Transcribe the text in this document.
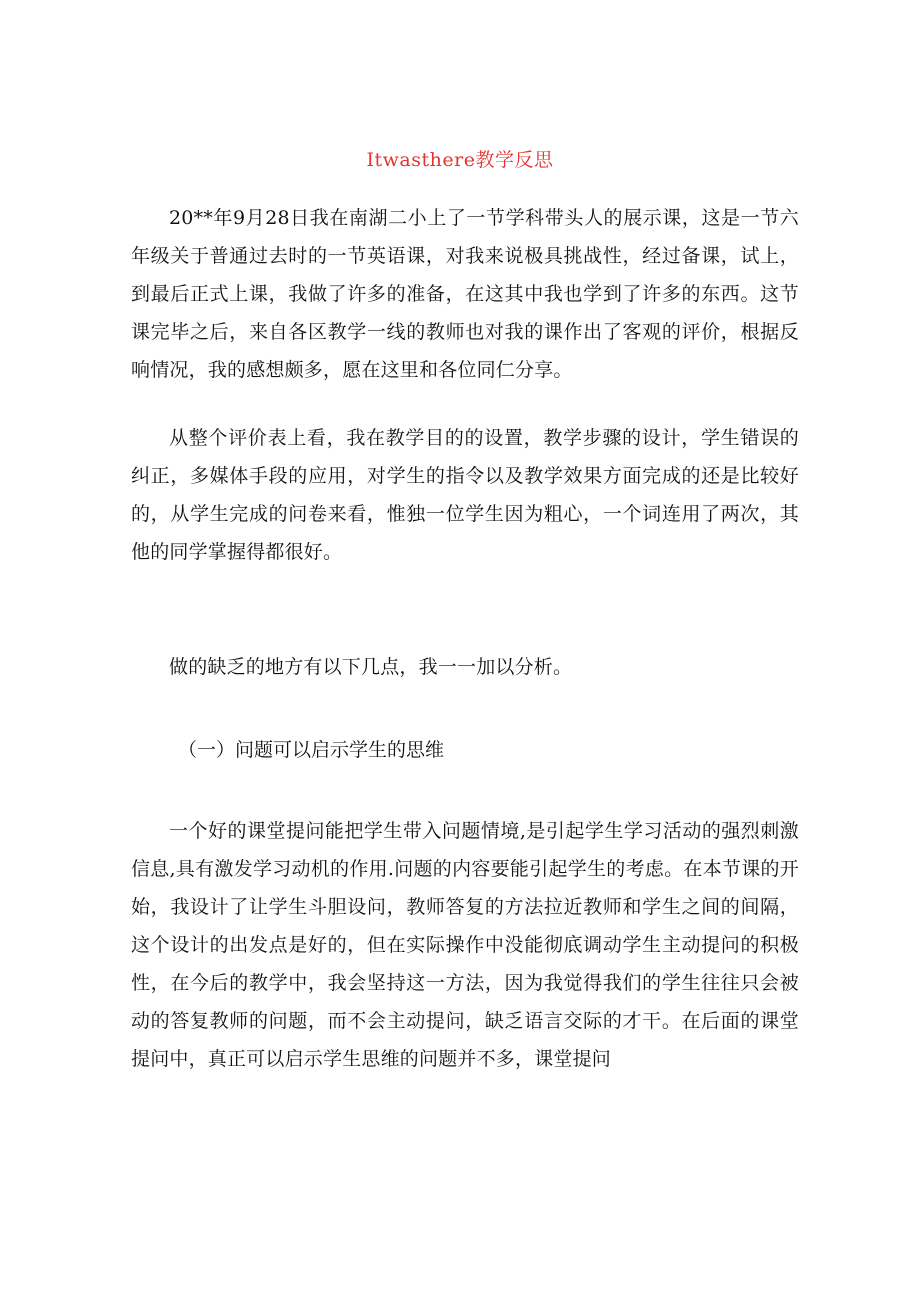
Itwasthere教学反思

20**年9月28日我在南湖二小上了一节学科带头人的展示课，这是一节六年级关于普通过去时的一节英语课，对我来说极具挑战性，经过备课，试上，到最后正式上课，我做了许多的准备，在这其中我也学到了许多的东西。这节课完毕之后，来自各区教学一线的教师也对我的课作出了客观的评价，根据反响情况，我的感想颇多，愿在这里和各位同仁分享。

从整个评价表上看，我在教学目的的设置，教学步骤的设计，学生错误的纠正，多媒体手段的应用，对学生的指令以及教学效果方面完成的还是比较好的，从学生完成的问卷来看，惟独一位学生因为粗心，一个词连用了两次，其他的同学掌握得都很好。

做的缺乏的地方有以下几点，我一一加以分析。

（一）问题可以启示学生的思维

一个好的课堂提问能把学生带入问题情境,是引起学生学习活动的强烈刺激信息,具有激发学习动机的作用.问题的内容要能引起学生的考虑。在本节课的开始，我设计了让学生斗胆设问，教师答复的方法拉近教师和学生之间的间隔，这个设计的出发点是好的，但在实际操作中没能彻底调动学生主动提问的积极性，在今后的教学中，我会坚持这一方法，因为我觉得我们的学生往往只会被动的答复教师的问题，而不会主动提问，缺乏语言交际的才干。在后面的课堂提问中，真正可以启示学生思维的问题并不多，课堂提问
